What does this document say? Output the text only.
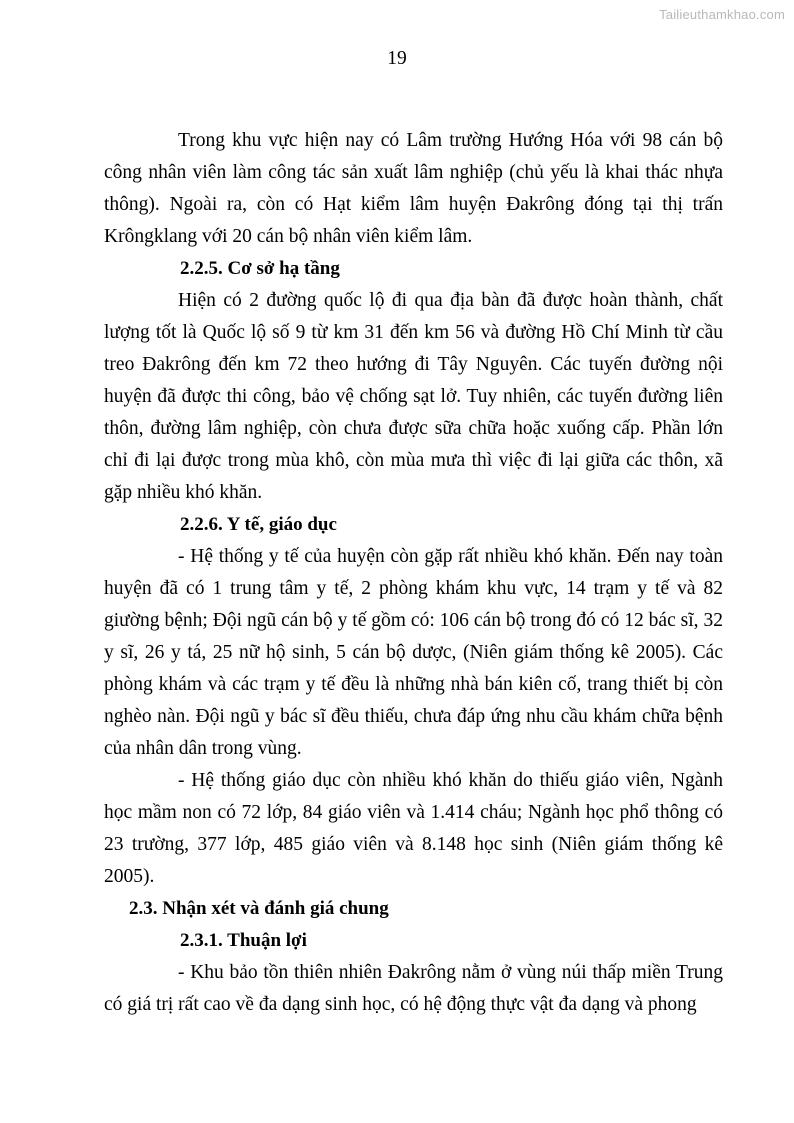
Tailieuthamkhao.com
19

Trong khu vực hiện nay có Lâm trường Hướng Hóa với 98 cán bộ công nhân viên làm công tác sản xuất lâm nghiệp (chủ yếu là khai thác nhựa thông). Ngoài ra, còn có Hạt kiểm lâm huyện Đakrông đóng tại thị trấn Krôngklang với 20 cán bộ nhân viên kiểm lâm.

2.2.5. Cơ sở hạ tầng

Hiện có 2 đường quốc lộ đi qua địa bàn đã được hoàn thành, chất lượng tốt là Quốc lộ số 9 từ km 31 đến km 56 và đường Hồ Chí Minh từ cầu treo Đakrông đến km 72 theo hướng đi Tây Nguyên. Các tuyến đường nội huyện đã được thi công, bảo vệ chống sạt lở. Tuy nhiên, các tuyến đường liên thôn, đường lâm nghiệp, còn chưa được sữa chữa hoặc xuống cấp. Phần lớn chỉ đi lại được trong mùa khô, còn mùa mưa thì việc đi lại giữa các thôn, xã gặp nhiều khó khăn.

2.2.6. Y tế, giáo dục

- Hệ thống y tế của huyện còn gặp rất nhiều khó khăn. Đến nay toàn huyện đã có 1 trung tâm y tế, 2 phòng khám khu vực, 14 trạm y tế và 82 giường bệnh; Đội ngũ cán bộ y tế gồm có: 106 cán bộ trong đó có 12 bác sĩ, 32 y sĩ, 26 y tá, 25 nữ hộ sinh, 5 cán bộ dược, (Niên giám thống kê 2005). Các phòng khám và các trạm y tế đều là những nhà bán kiên cố, trang thiết bị còn nghèo nàn. Đội ngũ y bác sĩ đều thiếu, chưa đáp ứng nhu cầu khám chữa bệnh của nhân dân trong vùng.

- Hệ thống giáo dục còn nhiều khó khăn do thiếu giáo viên, Ngành học mầm non có 72 lớp, 84 giáo viên và 1.414 cháu; Ngành học phổ thông có 23 trường, 377 lớp, 485 giáo viên và 8.148 học sinh (Niên giám thống kê 2005).

2.3. Nhận xét và đánh giá chung
2.3.1. Thuận lợi

- Khu bảo tồn thiên nhiên Đakrông nằm ở vùng núi thấp miền Trung có giá trị rất cao về đa dạng sinh học, có hệ động thực vật đa dạng và phong
